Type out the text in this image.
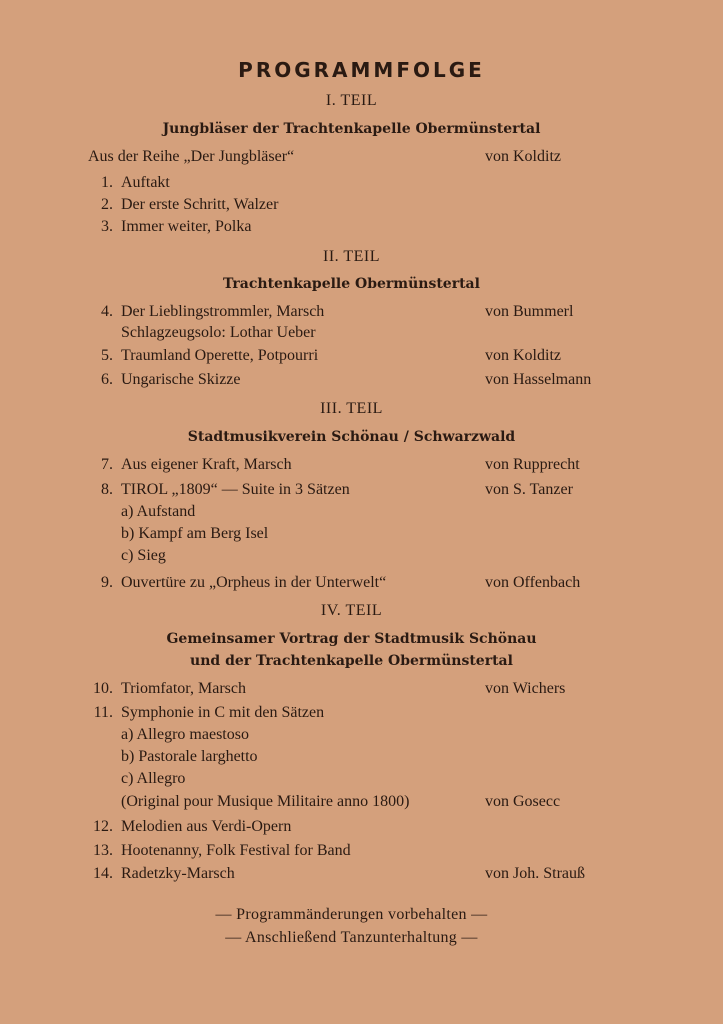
PROGRAMMFOLGE
I. TEIL
Jungbläser der Trachtenkapelle Obermünstertal
Aus der Reihe „Der Jungbläser“	von Kolditz
1. Auftakt
2. Der erste Schritt, Walzer
3. Immer weiter, Polka
II. TEIL
Trachtenkapelle Obermünstertal
4. Der Lieblingstrommler, Marsch	von Bummerl
Schlagzeugsolo: Lothar Ueber
5. Traumland Operette, Potpourri	von Kolditz
6. Ungarische Skizze	von Hasselmann
III. TEIL
Stadtmusikverein Schönau / Schwarzwald
7. Aus eigener Kraft, Marsch	von Rupprecht
8. TIROL „1809“ — Suite in 3 Sätzen	von S. Tanzer
a) Aufstand
b) Kampf am Berg Isel
c) Sieg
9. Ouvertüre zu „Orpheus in der Unterwelt“	von Offenbach
IV. TEIL
Gemeinsamer Vortrag der Stadtmusik Schönau
und der Trachtenkapelle Obermünstertal
10. Triomfator, Marsch	von Wichers
11. Symphonie in C mit den Sätzen
a) Allegro maestoso
b) Pastorale larghetto
c) Allegro
(Original pour Musique Militaire anno 1800)	von Gosecc
12. Melodien aus Verdi-Opern
13. Hootenanny, Folk Festival for Band
14. Radetzky-Marsch	von Joh. Strauß
— Programmänderungen vorbehalten —
— Anschließend Tanzunterhaltung —
